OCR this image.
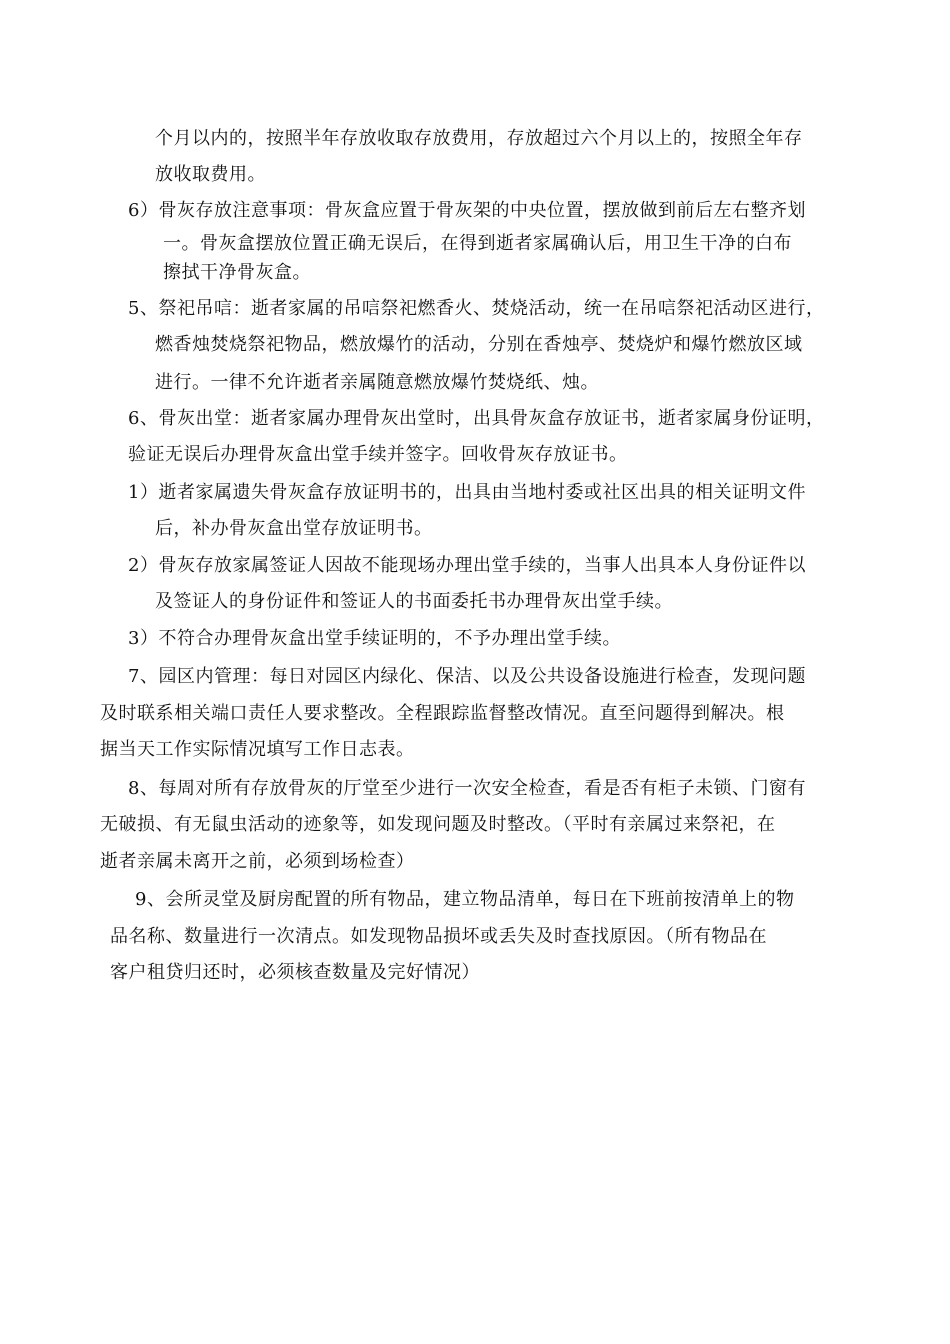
个月以内的，按照半年存放收取存放费用，存放超过六个月以上的，按照全年存
放收取费用。
6）骨灰存放注意事项：骨灰盒应置于骨灰架的中央位置，摆放做到前后左右整齐划
一。骨灰盒摆放位置正确无误后，在得到逝者家属确认后，用卫生干净的白布
擦拭干净骨灰盒。
5、祭祀吊唁：逝者家属的吊唁祭祀燃香火、焚烧活动，统一在吊唁祭祀活动区进行，
燃香烛焚烧祭祀物品，燃放爆竹的活动，分别在香烛亭、焚烧炉和爆竹燃放区域
进行。一律不允许逝者亲属随意燃放爆竹焚烧纸、烛。
6、骨灰出堂：逝者家属办理骨灰出堂时，出具骨灰盒存放证书，逝者家属身份证明，
验证无误后办理骨灰盒出堂手续并签字。回收骨灰存放证书。
1）逝者家属遗失骨灰盒存放证明书的，出具由当地村委或社区出具的相关证明文件
后，补办骨灰盒出堂存放证明书。
2）骨灰存放家属签证人因故不能现场办理出堂手续的，当事人出具本人身份证件以
及签证人的身份证件和签证人的书面委托书办理骨灰出堂手续。
3）不符合办理骨灰盒出堂手续证明的，不予办理出堂手续。
7、园区内管理：每日对园区内绿化、保洁、以及公共设备设施进行检查，发现问题
及时联系相关端口责任人要求整改。全程跟踪监督整改情况。直至问题得到解决。根
据当天工作实际情况填写工作日志表。
8、每周对所有存放骨灰的厅堂至少进行一次安全检查，看是否有柜子未锁、门窗有
无破损、有无鼠虫活动的迹象等，如发现问题及时整改。（平时有亲属过来祭祀，在
逝者亲属未离开之前，必须到场检查）
9、会所灵堂及厨房配置的所有物品，建立物品清单，每日在下班前按清单上的物
品名称、数量进行一次清点。如发现物品损坏或丢失及时查找原因。（所有物品在
客户租贷归还时，必须核查数量及完好情况）
